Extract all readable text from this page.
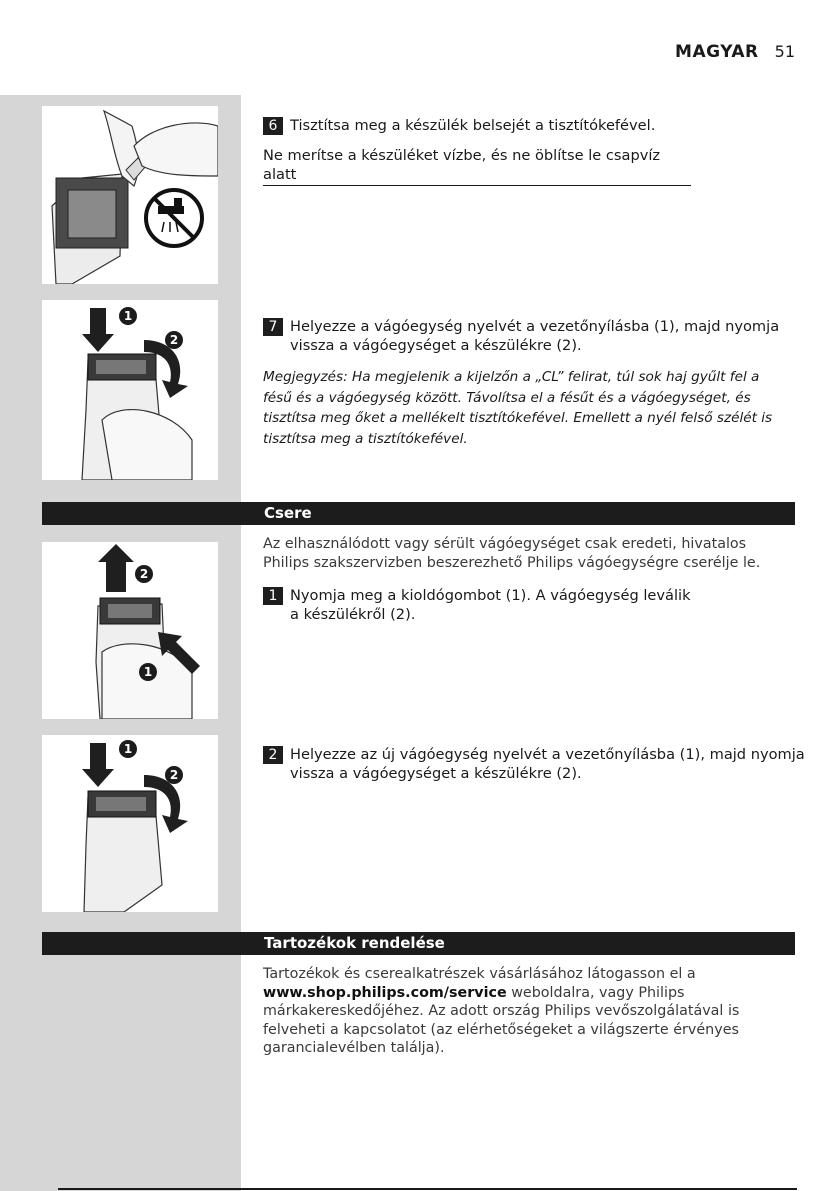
MAGYAR 51
6 Tisztítsa meg a készülék belsejét a tisztítókefével.
Ne merítse a készüléket vízbe, és ne öblítse le csapvíz alatt
1
2
7 Helyezze a vágóegység nyelvét a vezetőnyílásba (1), majd nyomja
vissza a vágóegységet a készülékre (2).
Megjegyzés: Ha megjelenik a kijelzőn a „CL” felirat, túl sok haj gyűlt fel a fésű és a vágóegység között. Távolítsa el a fésűt és a vágóegységet, és tisztítsa meg őket a mellékelt tisztítókefével. Emellett a nyél felső szélét is tisztítsa meg a tisztítókefével.
Csere
2
1
Az elhasználódott vagy sérült vágóegységet csak eredeti, hivatalos Philips szakszervizben beszerezhető Philips vágóegységre cserélje le.
1 Nyomja meg a kioldógombot (1). A vágóegység leválik
a készülékről (2).
1
2
2 Helyezze az új vágóegység nyelvét a vezetőnyílásba (1), majd nyomja
vissza a vágóegységet a készülékre (2).
Tartozékok rendelése
Tartozékok és cserealkatrészek vásárlásához látogasson el a www.shop.philips.com/service weboldalra, vagy Philips márkakereskedőjéhez. Az adott ország Philips vevőszolgálatával is felveheti a kapcsolatot (az elérhetőségeket a világszerte érvényes garancialevélben találja).
